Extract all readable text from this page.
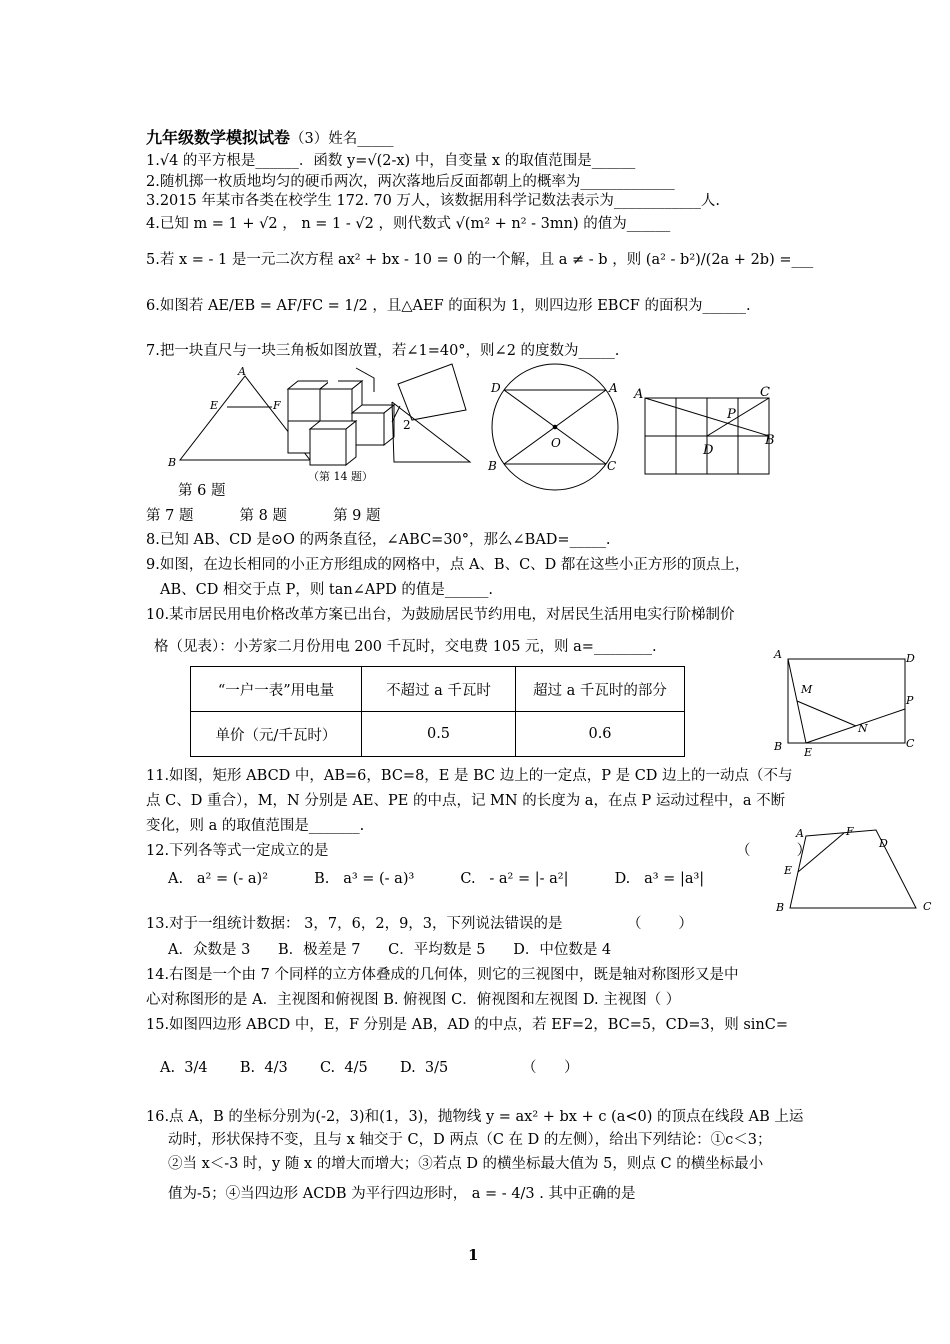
九年级数学模拟试卷（3）姓名_____
1.√4 的平方根是______．函数 y=√(2-x) 中，自变量 x 的取值范围是______
2.随机掷一枚质地均匀的硬币两次，两次落地后反面都朝上的概率为_____________
3.2015 年某市各类在校学生 172. 70 万人，该数据用科学记数法表示为____________人.
4.已知 m = 1 + √2 ， n = 1 - √2 ，则代数式 √(m² + n² - 3mn) 的值为______
5.若 x = - 1 是一元二次方程 ax² + bx - 10 = 0 的一个解，且 a ≠ - b ，则 (a² - b²)/(2a + 2b) =___
6.如图若 AE/EB = AF/FC = 1/2 ，且△AEF 的面积为 1，则四边形 EBCF 的面积为______.
7.把一块直尺与一块三角板如图放置，若∠1=40°，则∠2 的度数为_____.
A
E	F
B
（第 14 题）
2
D	A
O
B	C
A	C
P
D
B
第 6 题
第 7 题          第 8 题          第 9 题
8.已知 AB、CD 是⊙O 的两条直径，∠ABC=30°，那么∠BAD=_____.
9.如图，在边长相同的小正方形组成的网格中，点 A、B、C、D 都在这些小正方形的顶点上，
AB、CD 相交于点 P，则 tan∠APD 的值是______.
10.某市居民用电价格改革方案已出台，为鼓励居民节约用电，对居民生活用电实行阶梯制价
格（见表）：小芳家二月份用电 200 千瓦时，交电费 105 元，则 a=________.
“一户一表”用电量	不超过 a 千瓦时	超过 a 千瓦时的部分
单价（元/千瓦时）	0.5	0.6
A	D
M
P
N
B E
C
11.如图，矩形 ABCD 中，AB=6，BC=8，E 是 BC 边上的一定点，P 是 CD 边上的一动点（不与
点 C、D 重合），M，N 分别是 AE、PE 的中点，记 MN 的长度为 a，在点 P 运动过程中，a 不断
变化，则 a 的取值范围是_______.
12.下列各等式一定成立的是	（          ）
A.   a² = (- a)²          B.   a³ = (- a)³          C.   - a² = |- a²|          D.   a³ = |a³|
A	F
D
E
B	C
13.对于一组统计数据： 3，7，6，2，9，3，下列说法错误的是              （        ）
A．众数是 3      B．极差是 7      C．平均数是 5      D．中位数是 4
14.右图是一个由 7 个同样的立方体叠成的几何体，则它的三视图中，既是轴对称图形又是中
心对称图形的是 A．主视图和俯视图 B. 俯视图 C．俯视图和左视图 D. 主视图（ ）
15.如图四边形 ABCD 中，E，F 分别是 AB，AD 的中点，若 EF=2，BC=5，CD=3，则 sinC=
A.  3/4       B.  4/3       C.  4/5       D.  3/5                （      ）
16.点 A，B 的坐标分别为(-2，3)和(1，3)，抛物线 y = ax² + bx + c (a<0) 的顶点在线段 AB 上运
动时，形状保持不变，且与 x 轴交于 C，D 两点（C 在 D 的左侧），给出下列结论：①c＜3；
②当 x＜-3 时，y 随 x 的增大而增大；③若点 D 的横坐标最大值为 5，则点 C 的横坐标最小
值为-5；④当四边形 ACDB 为平行四边形时， a = - 4/3 . 其中正确的是
1
